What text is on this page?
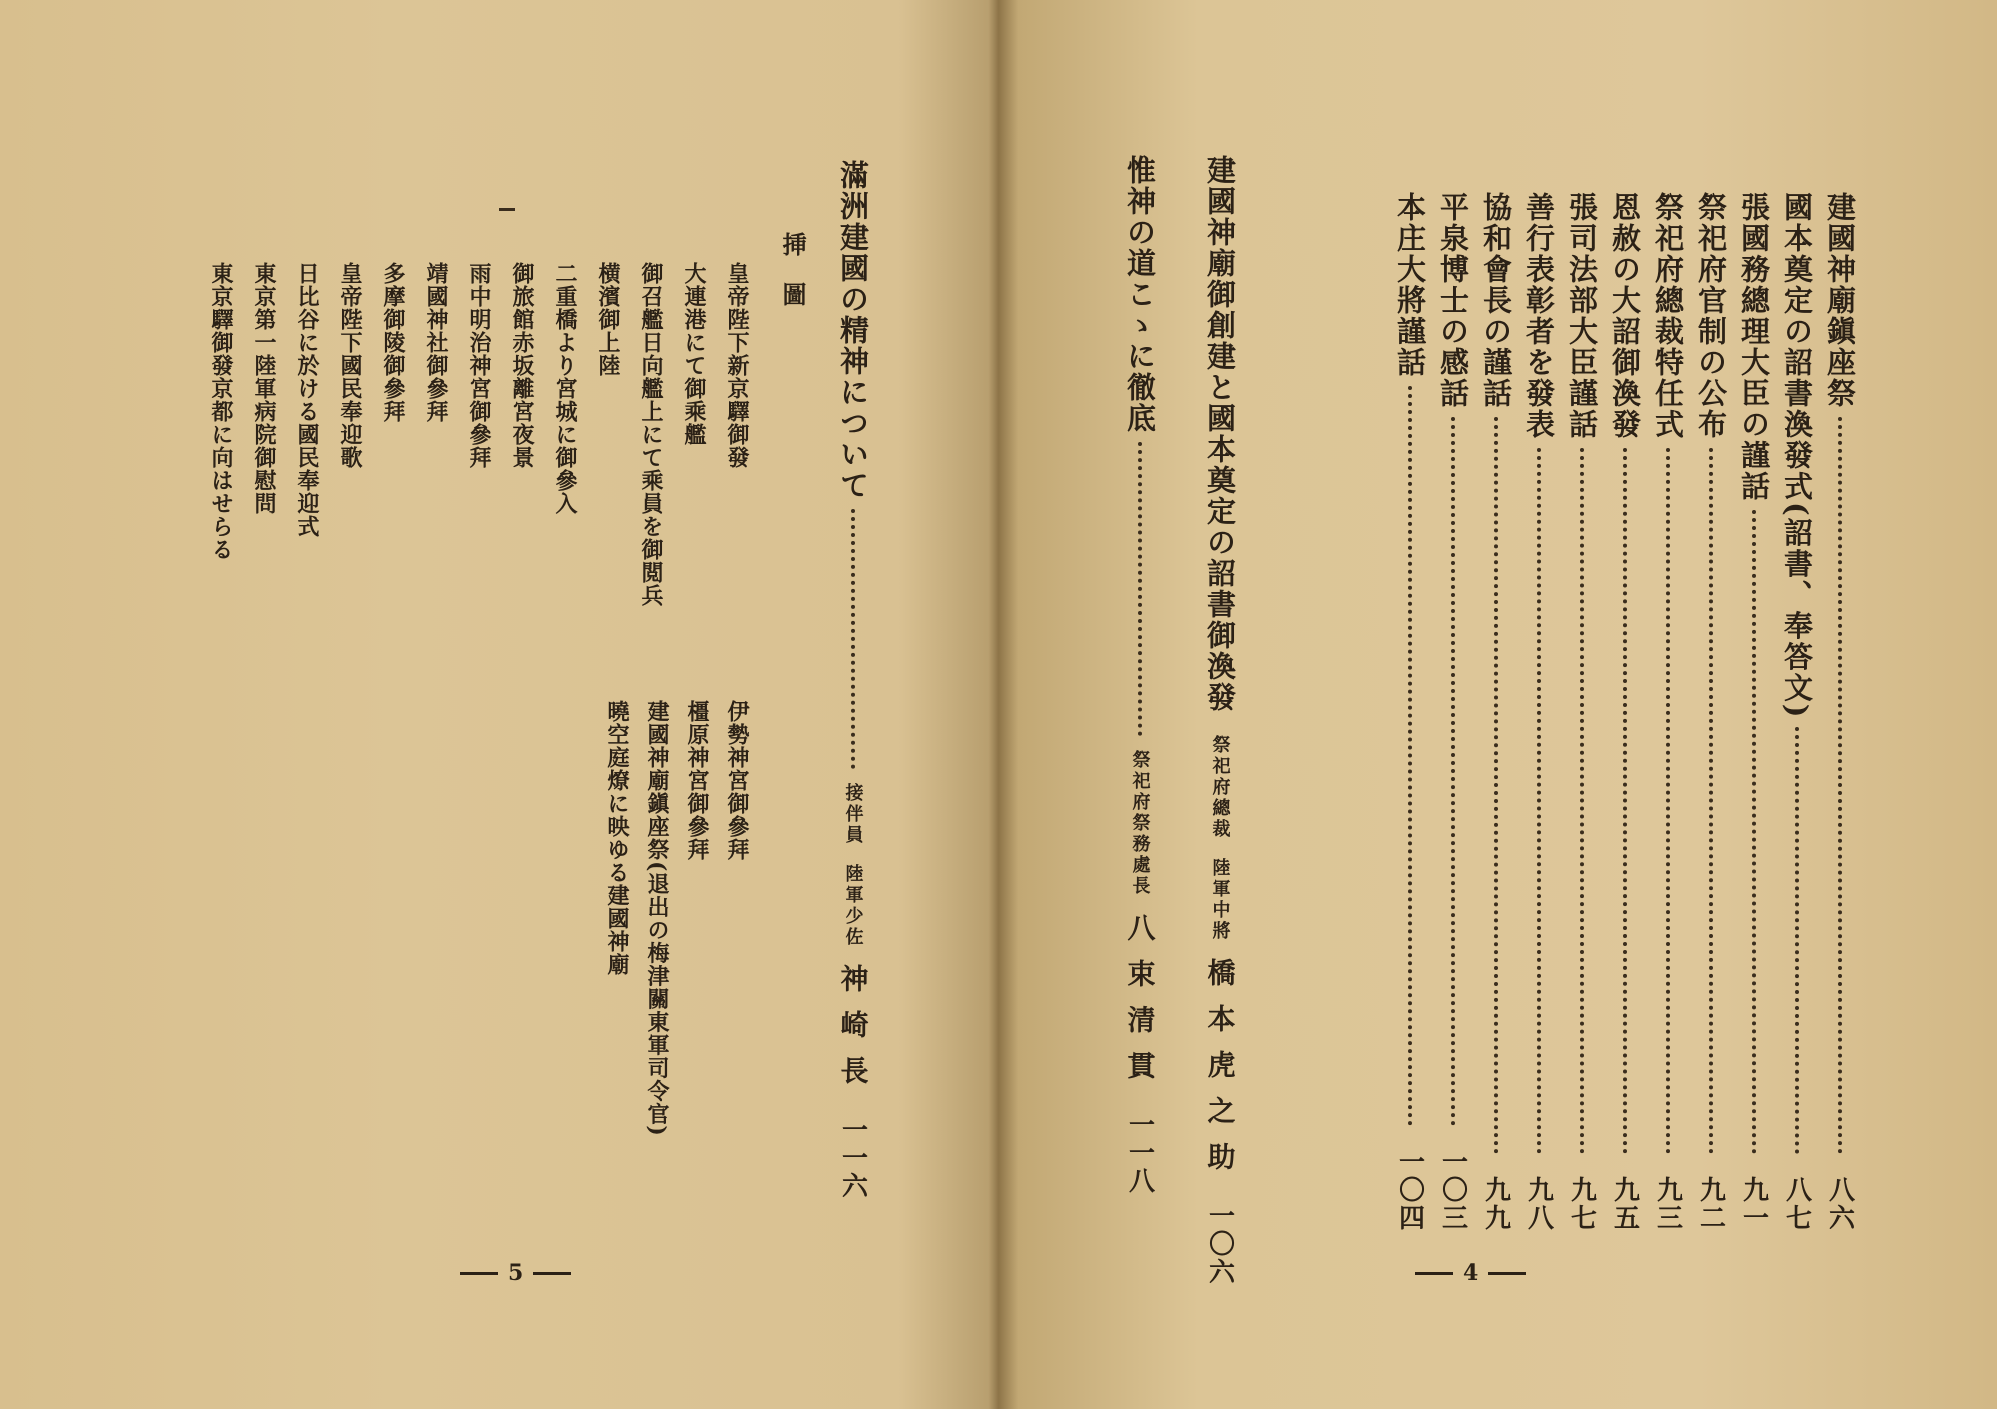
滿洲建國の精神について
接伴員
陸軍少佐
神崎長
一一六
挿圖
伊勢神宮御參拜
橿原神宮御參拜
建國神廟鎭座祭(退出の梅津關東軍司令官)
曉空庭燎に映ゆる建國神廟
皇帝陛下新京驛御發
大連港にて御乘艦
御召艦日向艦上にて乘員を御閲兵
横濱御上陸
二重橋より宮城に御參入
御旅館赤坂離宮夜景
雨中明治神宮御參拜
靖國神社御參拜
多摩御陵御參拜
皇帝陛下國民奉迎歌
日比谷に於ける國民奉迎式
東京第一陸軍病院御慰問
東京驛御發京都に向はせらる
5
建國神廟鎭座祭
八六
國本奠定の詔書渙發式(詔書、奉答文)
八七
張國務總理大臣の謹話
九一
祭祀府官制の公布
九二
祭祀府總裁特任式
九三
恩赦の大詔御渙發
九五
張司法部大臣謹話
九七
善行表彰者を發表
九八
協和會長の謹話
九九
平泉博士の感話
一〇三
本庄大將謹話
一〇四
建國神廟御創建と國本奠定の詔書御渙發
祭祀府總裁
陸軍中將
橋本虎之助
一〇六
惟神の道こゝに徹底
祭祀府祭務處長
八束清貫
一一八
4
